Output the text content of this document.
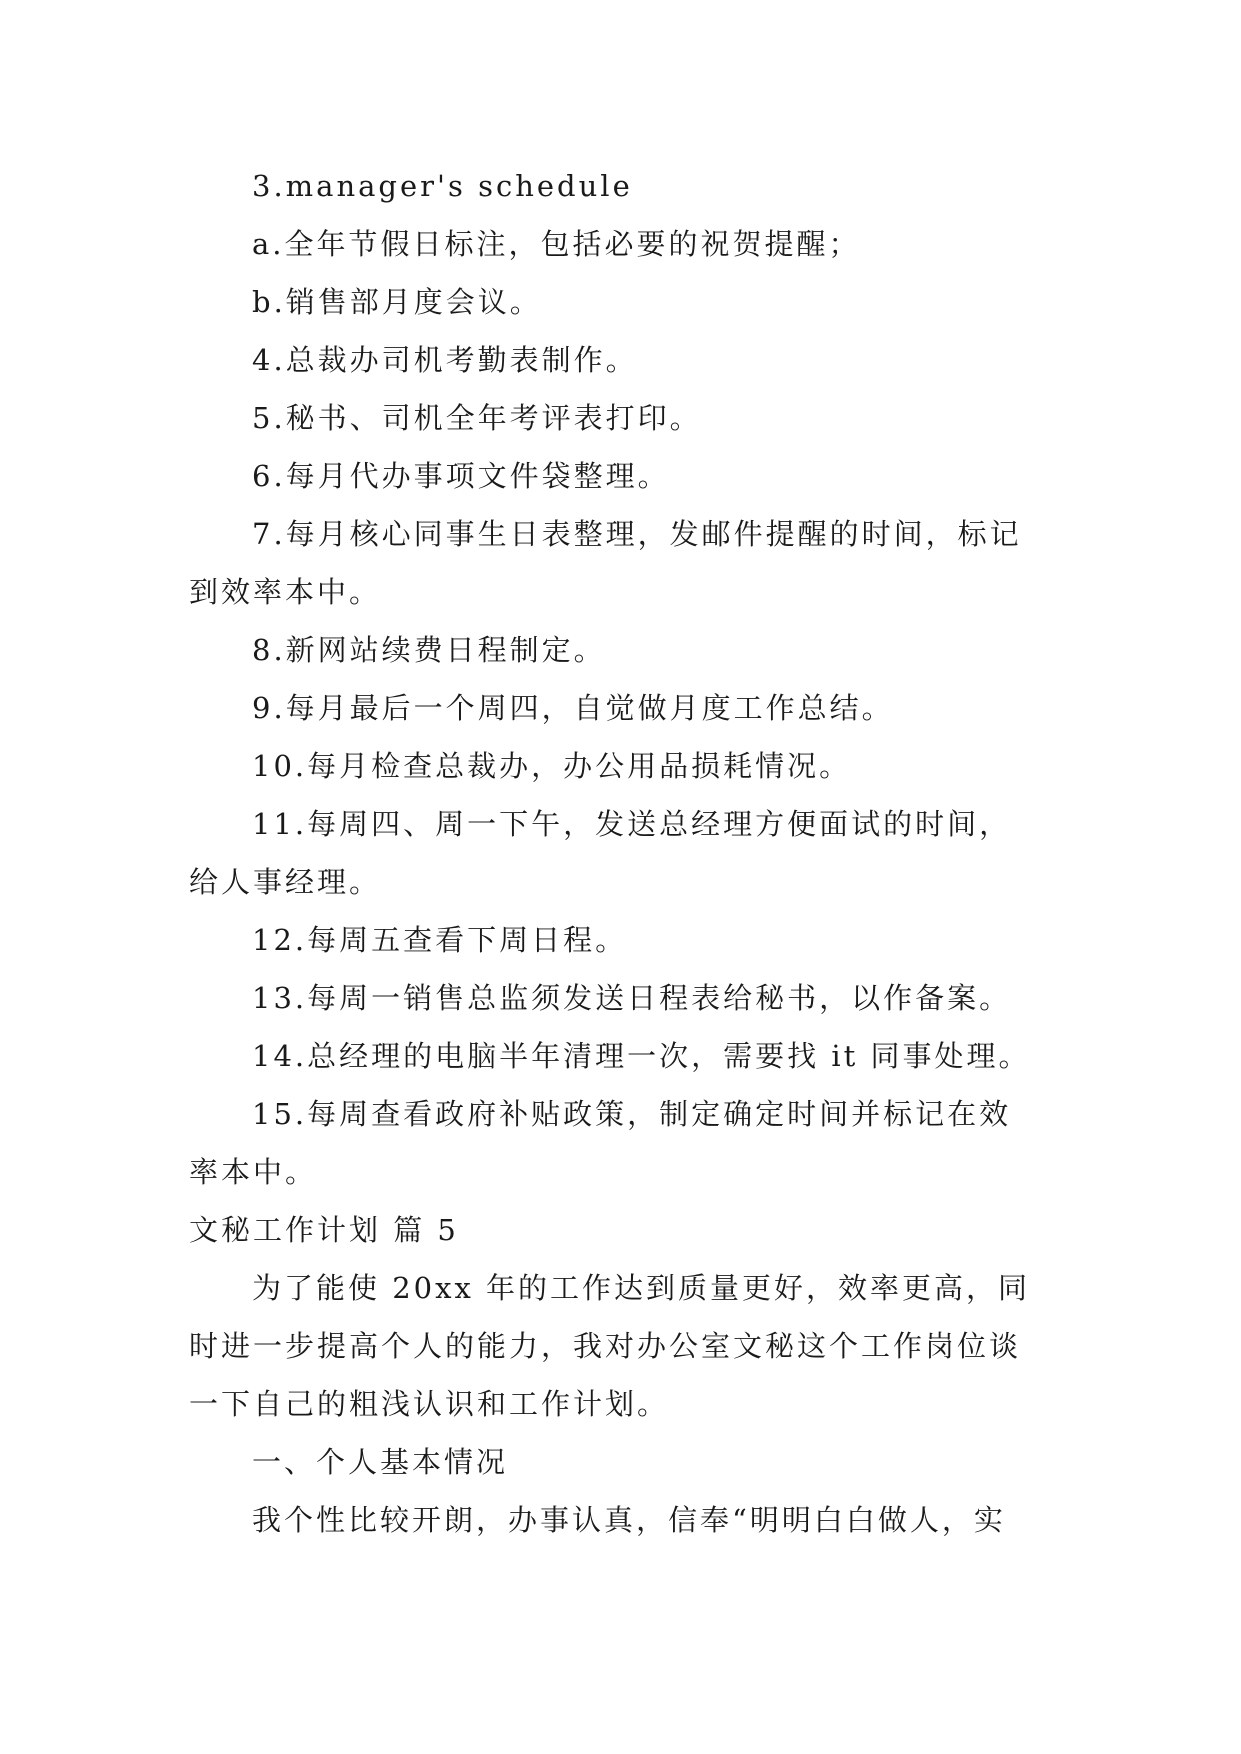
3.manager's schedule

a.全年节假日标注，包括必要的祝贺提醒；

b.销售部月度会议。

4.总裁办司机考勤表制作。

5.秘书、司机全年考评表打印。

6.每月代办事项文件袋整理。

7.每月核心同事生日表整理，发邮件提醒的时间，标记

到效率本中。

8.新网站续费日程制定。

9.每月最后一个周四，自觉做月度工作总结。

10.每月检查总裁办，办公用品损耗情况。

11.每周四、周一下午，发送总经理方便面试的时间，

给人事经理。

12.每周五查看下周日程。

13.每周一销售总监须发送日程表给秘书，以作备案。

14.总经理的电脑半年清理一次，需要找 it 同事处理。

15.每周查看政府补贴政策，制定确定时间并标记在效

率本中。

文秘工作计划 篇 5

为了能使 20xx 年的工作达到质量更好，效率更高，同

时进一步提高个人的能力，我对办公室文秘这个工作岗位谈

一下自己的粗浅认识和工作计划。

一、个人基本情况

我个性比较开朗，办事认真，信奉“明明白白做人，实
